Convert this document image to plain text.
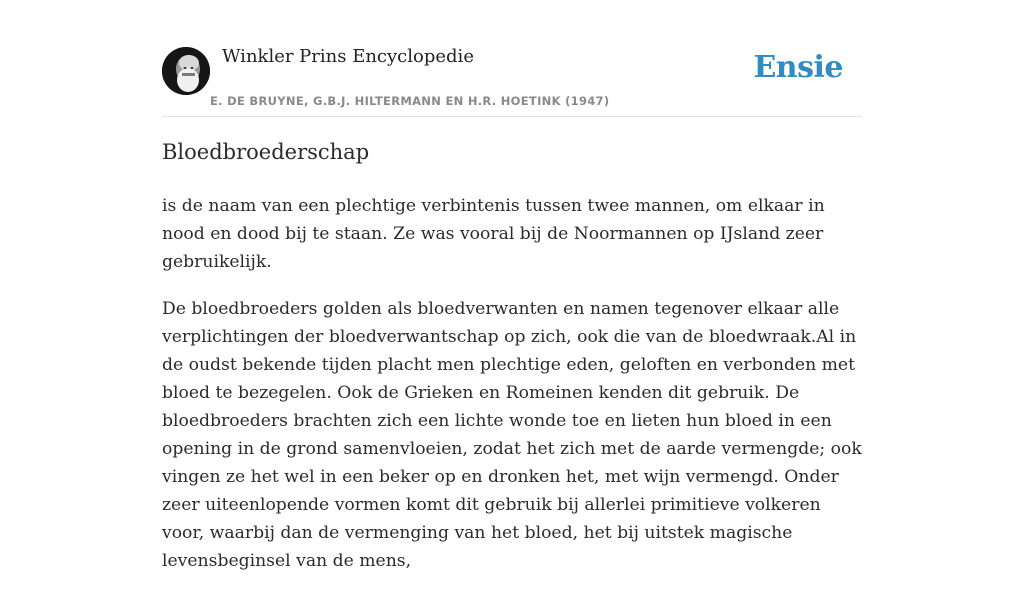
Winkler Prins Encyclopedie
E. DE BRUYNE, G.B.J. HILTERMANN EN H.R. HOETINK (1947)
Ensie
Bloedbroederschap

is de naam van een plechtige verbintenis tussen twee mannen, om elkaar in nood en dood bij te staan. Ze was vooral bij de Noormannen op IJsland zeer gebruikelijk.

De bloedbroeders golden als bloedverwanten en namen tegenover elkaar alle verplichtingen der bloedverwantschap op zich, ook die van de bloedwraak.Al in de oudst bekende tijden placht men plechtige eden, geloften en verbonden met bloed te bezegelen. Ook de Grieken en Romeinen kenden dit gebruik. De bloedbroeders brachten zich een lichte wonde toe en lieten hun bloed in een opening in de grond samenvloeien, zodat het zich met de aarde vermengde; ook vingen ze het wel in een beker op en dronken het, met wijn vermengd. Onder zeer uiteenlopende vormen komt dit gebruik bij allerlei primitieve volkeren voor, waarbij dan de vermenging van het bloed, het bij uitstek magische levensbeginsel van de mens,
